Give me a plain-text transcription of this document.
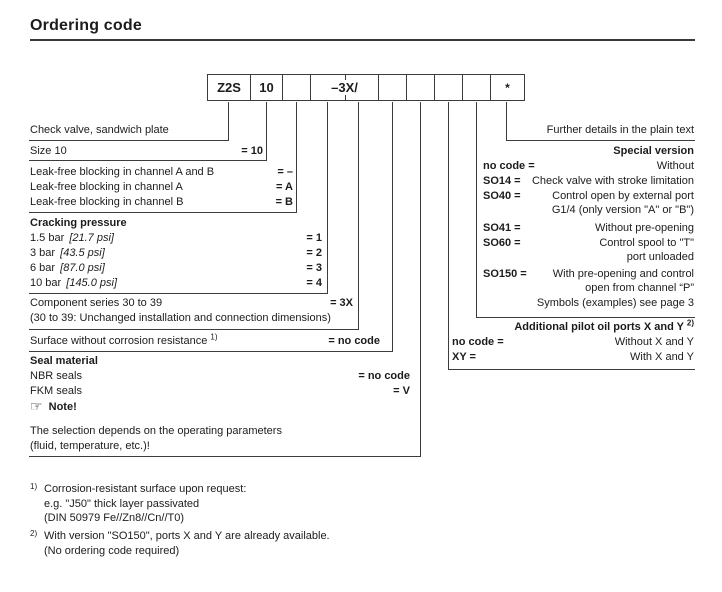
Ordering code
Z2S	10	–3X/	*
Check valve, sandwich plate
Size 10	= 10
Leak-free blocking in channel A and B	= –
Leak-free blocking in channel A	= A
Leak-free blocking in channel B	= B
Cracking pressure
1.5 bar [21.7 psi]	= 1
3 bar [43.5 psi]	= 2
6 bar [87.0 psi]	= 3
10 bar [145.0 psi]	= 4
Component series 30 to 39	= 3X
(30 to 39: Unchanged installation and connection dimensions)
Surface without corrosion resistance $^{1)}$	= no code
Seal material
NBR seals	= no code
FKM seals	= V
☞ Note!
The selection depends on the operating parameters
(fluid, temperature, etc.)!
Further details in the plain text
Special version
no code =	Without
SO14 = Check valve with stroke limitation
SO40 =	Control open by external port
G1/4 (only version "A" or "B")
SO41 =	Without pre-opening
SO60 =	Control spool to "T"
port unloaded
SO150 = With pre-opening and control
open from channel “P”
Symbols (examples) see page 3
Additional pilot oil ports X and Y $^{2)}$
no code =	Without X and Y
XY =	With X and Y
1) Corrosion-resistant surface upon request:
e.g. "J50" thick layer passivated
(DIN 50979 Fe//Zn8//Cn//T0)
2) With version "SO150", ports X and Y are already available.
(No ordering code required)
